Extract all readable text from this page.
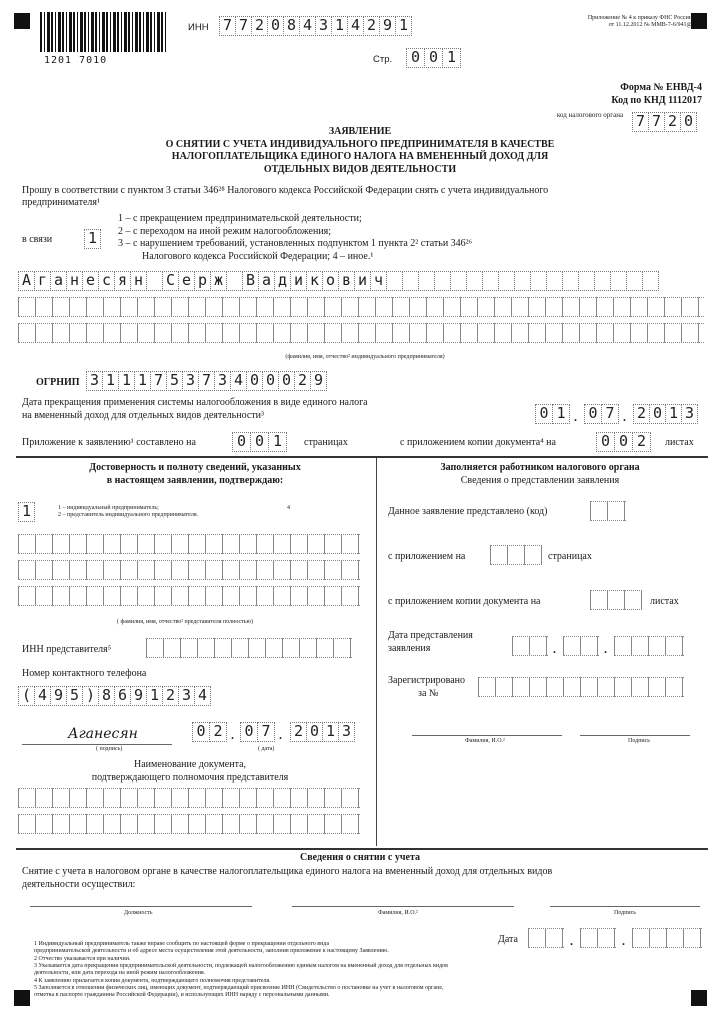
1201 7010
ИНН 7 7 2 0 8 4 3 1 4 2 9 1
Стр.	0 0 1
Приложение № 4 к приказу ФНС России
от 11.12.2012 № ММВ-7-6/941@
Форма № ЕНВД-4
Код по КНД 1112017
код налогового органа 7 7 2 0
ЗАЯВЛЕНИЕ
О СНЯТИИ С УЧЕТА ИНДИВИДУАЛЬНОГО ПРЕДПРИНИМАТЕЛЯ В КАЧЕСТВЕ
НАЛОГОПЛАТЕЛЬЩИКА ЕДИНОГО НАЛОГА НА ВМЕНЕННЫЙ ДОХОД ДЛЯ
ОТДЕЛЬНЫХ ВИДОВ ДЕЯТЕЛЬНОСТИ
Прошу в соответствии с пунктом 3 статьи 346²⁸ Налогового кодекса Российской Федерации снять с учета индивидуального
предпринимателя¹
в связи 1
1 – с прекращением предпринимательской деятельности;
2 – с переходом на иной режим налогообложения;
3 – с нарушением требований, установленных подпунктом 1 пункта 2² статьи 346²⁶
Налогового кодекса Российской Федерации; 4 – иное.¹
А г а н е с я н С е р ж В а д и к о в и ч
(фамилия, имя, отчество² индивидуального предпринимателя)
ОГРНИП 3 1 1 1 7 5 3 7 3 4 0 0 0 2 9
Дата прекращения применения системы налогообложения в виде единого налога
на вмененный доход для отдельных видов деятельности³	0 1 . 0 7 . 2 0 1 3
Приложение к заявлению¹ составлено на	0 0 1	страницах	с приложением копии документа⁴ на	0 0 2	листах
Достоверность и полноту сведений, указанных
в настоящем заявлении, подтверждаю:
1	1 – индивидуальный предприниматель;
2 – представитель индивидуального предпринимателя.
4
( фамилия, имя, отчество² представителя полностью)
ИНН представителя⁵
Номер контактного телефона
( 4 9 5 ) 8 6 9 1 2 3 4
Аганесян
( подпись)
0 2 . 0 7 . 2 0 1 3
( дата)
Наименование документа,
подтверждающего полномочия представителя
Заполняется работником налогового органа
Сведения о представлении заявления
Данное заявление представлено (код)
с приложением на	страницах
с приложением копии документа на	листах
Дата представления
заявления	.	.
Зарегистрировано
за №
Фамилия, И.О.²	Подпись
Сведения о снятии с учета
Снятие с учета в налоговом органе в качестве налогоплательщика единого налога на вмененный доход для отдельных видов
деятельности осуществил:
Должность	Фамилия, И.О.²	Подпись
Дата	.	.
1 Индивидуальный предприниматель также вправе сообщить по настоящей форме о прекращении отдельного вида
предпринимательской деятельности и об адресе места осуществления этой деятельности, заполнив приложение к настоящему Заявлению.
2 Отчество указывается при наличии.
3 Указывается дата прекращения предпринимательской деятельности, подлежащей налогообложению единым налогом на вмененный доход для отдельных видов
деятельности, или дата перехода на иной режим налогообложения.
4 К заявлению прилагается копия документа, подтверждающего полномочия представителя.
5 Заполняется в отношении физических лиц, имеющих документ, подтверждающий присвоение ИНН (Свидетельство о постановке на учет в налоговом органе,
отметка в паспорте гражданина Российской Федерации), и использующих ИНН наряду с персональными данными.
